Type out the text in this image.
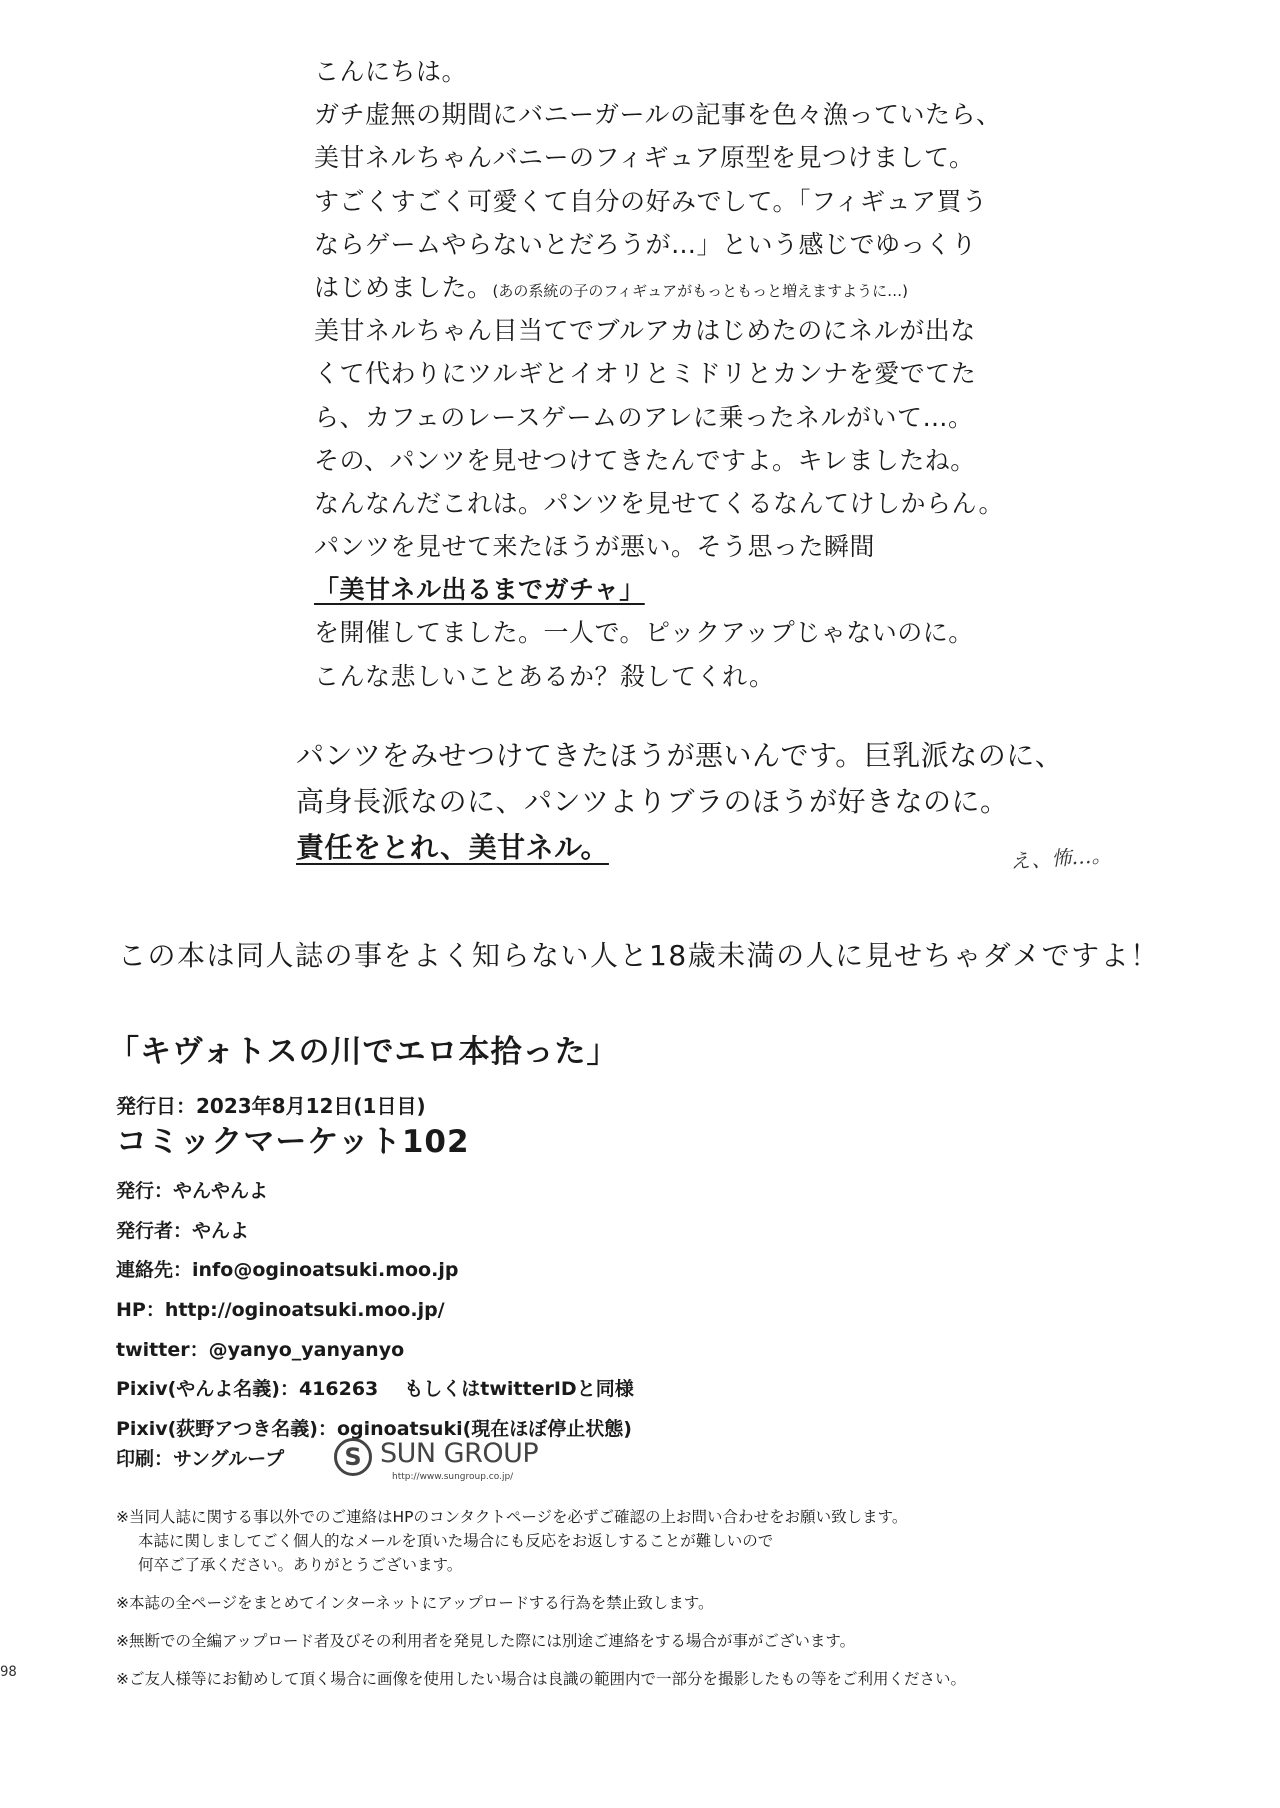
こんにちは。
ガチ虚無の期間にバニーガールの記事を色々漁っていたら、
美甘ネルちゃんバニーのフィギュア原型を見つけまして。
すごくすごく可愛くて自分の好みでして。「フィギュア買う
ならゲームやらないとだろうが…」という感じでゆっくり
はじめました。(あの系統の子のフィギュアがもっともっと増えますように…)
美甘ネルちゃん目当てでブルアカはじめたのにネルが出な
くて代わりにツルギとイオリとミドリとカンナを愛でてた
ら、カフェのレースゲームのアレに乗ったネルがいて…。
その、パンツを見せつけてきたんですよ。キレましたね。
なんなんだこれは。パンツを見せてくるなんてけしからん。
パンツを見せて来たほうが悪い。そう思った瞬間
「美甘ネル出るまでガチャ」
を開催してました。一人で。ピックアップじゃないのに。
こんな悲しいことあるか？殺してくれ。
パンツをみせつけてきたほうが悪いんです。巨乳派なのに、
高身長派なのに、パンツよりブラのほうが好きなのに。
責任をとれ、美甘ネル。	え、怖…。
この本は同人誌の事をよく知らない人と18歳未満の人に見せちゃダメですよ！
「キヴォトスの川でエロ本拾った」
発行日：2023年8月12日(1日目)
コミックマーケット102
発行：やんやんよ
発行者：やんよ
連絡先：info@oginoatsuki.moo.jp
HP：http://oginoatsuki.moo.jp/
twitter：@yanyo_yanyanyo
Pixiv(やんよ名義)：416263 もしくはtwitterIDと同様
Pixiv(荻野アつき名義)：oginoatsuki(現在ほぼ停止状態)
印刷：サングループ	S SUN GROUP
http://www.sungroup.co.jp/
※当同人誌に関する事以外でのご連絡はHPのコンタクトページを必ずご確認の上お問い合わせをお願い致します。
本誌に関しましてごく個人的なメールを頂いた場合にも反応をお返しすることが難しいので
何卒ご了承ください。ありがとうございます。
※本誌の全ページをまとめてインターネットにアップロードする行為を禁止致します。
※無断での全編アップロード者及びその利用者を発見した際には別途ご連絡をする場合が事がございます。
※ご友人様等にお勧めして頂く場合に画像を使用したい場合は良識の範囲内で一部分を撮影したもの等をご利用ください。
98
